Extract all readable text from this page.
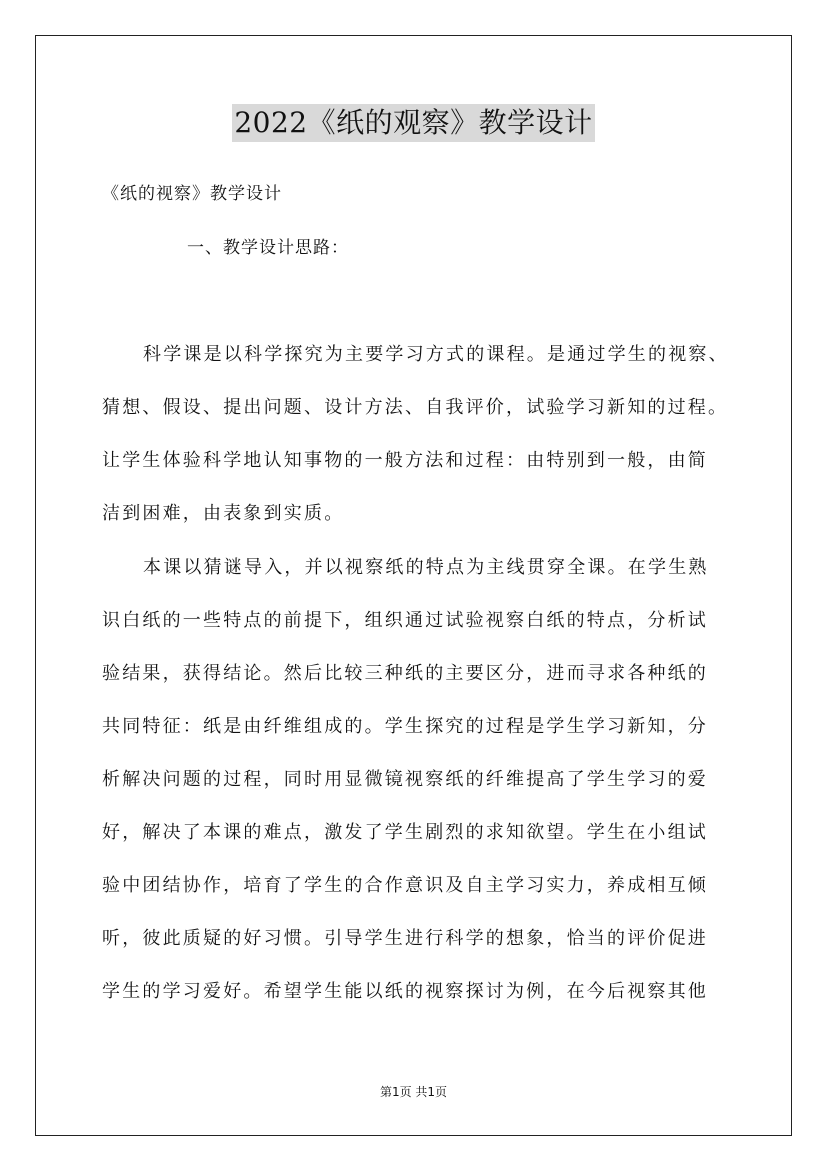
2022《纸的观察》教学设计
《纸的视察》教学设计
一、教学设计思路：
科学课是以科学探究为主要学习方式的课程。是通过学生的视察、
猜想、假设、提出问题、设计方法、自我评价，试验学习新知的过程。
让学生体验科学地认知事物的一般方法和过程：由特别到一般，由简
洁到困难，由表象到实质。
本课以猜谜导入，并以视察纸的特点为主线贯穿全课。在学生熟
识白纸的一些特点的前提下，组织通过试验视察白纸的特点，分析试
验结果，获得结论。然后比较三种纸的主要区分，进而寻求各种纸的
共同特征：纸是由纤维组成的。学生探究的过程是学生学习新知，分
析解决问题的过程，同时用显微镜视察纸的纤维提高了学生学习的爱
好，解决了本课的难点，激发了学生剧烈的求知欲望。学生在小组试
验中团结协作，培育了学生的合作意识及自主学习实力，养成相互倾
听，彼此质疑的好习惯。引导学生进行科学的想象，恰当的评价促进
学生的学习爱好。希望学生能以纸的视察探讨为例，在今后视察其他
第1页 共1页
